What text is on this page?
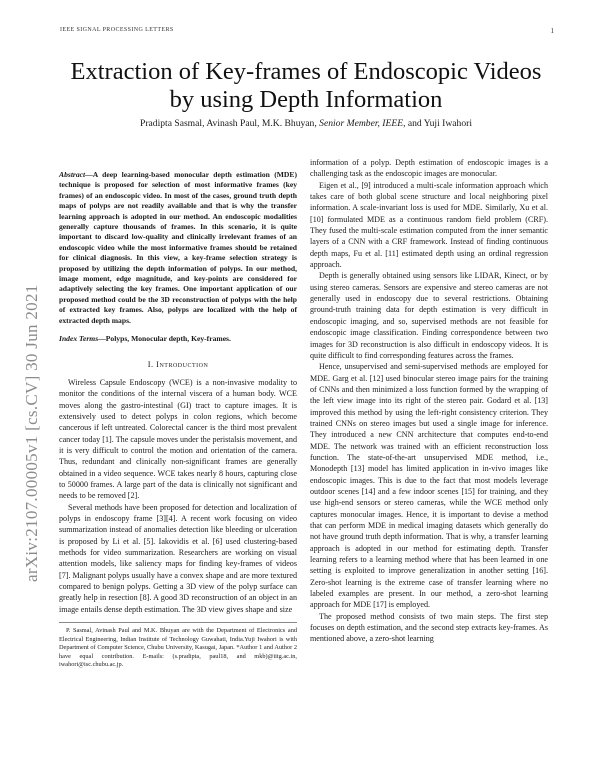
IEEE SIGNAL PROCESSING LETTERS	1
arXiv:2107.00005v1 [cs.CV] 30 Jun 2021
Extraction of Key-frames of Endoscopic Videos by using Depth Information
Pradipta Sasmal, Avinash Paul, M.K. Bhuyan, Senior Member, IEEE, and Yuji Iwahori
Abstract—A deep learning-based monocular depth estimation (MDE) technique is proposed for selection of most informative frames (key frames) of an endoscopic video. In most of the cases, ground truth depth maps of polyps are not readily available and that is why the transfer learning approach is adopted in our method. An endoscopic modalities generally capture thousands of frames. In this scenario, it is quite important to discard low-quality and clinically irrelevant frames of an endoscopic video while the most informative frames should be retained for clinical diagnosis. In this view, a key-frame selection strategy is proposed by utilizing the depth information of polyps. In our method, image moment, edge magnitude, and key-points are considered for adaptively selecting the key frames. One important application of our proposed method could be the 3D reconstruction of polyps with the help of extracted key frames. Also, polyps are localized with the help of extracted depth maps.
Index Terms—Polyps, Monocular depth, Key-frames.
I. Introduction

Wireless Capsule Endoscopy (WCE) is a non-invasive modality to monitor the conditions of the internal viscera of a human body. WCE moves along the gastro-intestinal (GI) tract to capture images. It is extensively used to detect polyps in colon regions, which become cancerous if left untreated. Colorectal cancer is the third most prevalent cancer today [1]. The capsule moves under the peristalsis movement, and it is very difficult to control the motion and orientation of the camera. Thus, redundant and clinically non-significant frames are generally obtained in a video sequence. WCE takes nearly 8 hours, capturing close to 50000 frames. A large part of the data is clinically not significant and needs to be removed [2].

Several methods have been proposed for detection and localization of polyps in endoscopy frame [3][4]. A recent work focusing on video summarization instead of anomalies detection like bleeding or ulceration is proposed by Li et al. [5]. Iakovidis et al. [6] used clustering-based methods for video summarization. Researchers are working on visual attention models, like saliency maps for finding key-frames of videos [7]. Malignant polyps usually have a convex shape and are more textured compared to benign polyps. Getting a 3D view of the polyp surface can greatly help in resection [8]. A good 3D reconstruction of an object in an image entails dense depth estimation. The 3D view gives shape and size

P. Sasmal, Avinash Paul and M.K. Bhuyan are with the Department of Electronics and Electrical Engineering, Indian Institute of Technology Guwahati, India.Yuji Iwahori is with Department of Computer Science, Chubu University, Kasugai, Japan. *Author 1 and Author 2 have equal contribution. E-mails: (s.pradipta, paul18, and mkb)@iitg.ac.in, iwahori@isc.chubu.ac.jp.

information of a polyp. Depth estimation of endoscopic images is a challenging task as the endoscopic images are monocular.

Eigen et al., [9] introduced a multi-scale information approach which takes care of both global scene structure and local neighboring pixel information. A scale-invariant loss is used for MDE. Similarly, Xu et al. [10] formulated MDE as a continuous random field problem (CRF). They fused the multi-scale estimation computed from the inner semantic layers of a CNN with a CRF framework. Instead of finding continuous depth maps, Fu et al. [11] estimated depth using an ordinal regression approach.

Depth is generally obtained using sensors like LIDAR, Kinect, or by using stereo cameras. Sensors are expensive and stereo cameras are not generally used in endoscopy due to several restrictions. Obtaining ground-truth training data for depth estimation is very difficult in endoscopic imaging, and so, supervised methods are not feasible for endoscopic image classification. Finding correspondence between two images for 3D reconstruction is also difficult in endoscopy videos. It is quite difficult to find corresponding features across the frames.

Hence, unsupervised and semi-supervised methods are employed for MDE. Garg et al. [12] used binocular stereo image pairs for the training of CNNs and then minimized a loss function formed by the wrapping of the left view image into its right of the stereo pair. Godard et al. [13] improved this method by using the left-right consistency criterion. They trained CNNs on stereo images but used a single image for inference. They introduced a new CNN architecture that computes end-to-end MDE. The network was trained with an efficient reconstruction loss function. The state-of-the-art unsupervised MDE method, i.e., Monodepth [13] model has limited application in in-vivo images like endoscopic images. This is due to the fact that most models leverage outdoor scenes [14] and a few indoor scenes [15] for training, and they use high-end sensors or stereo cameras, while the WCE method only captures monocular images. Hence, it is important to devise a method that can perform MDE in medical imaging datasets which generally do not have ground truth depth information. That is why, a transfer learning approach is adopted in our method for estimating depth. Transfer learning refers to a learning method where that has been learned in one setting is exploited to improve generalization in another setting [16]. Zero-shot learning is the extreme case of transfer learning where no labeled examples are present. In our method, a zero-shot learning approach for MDE [17] is employed.

The proposed method consists of two main steps. The first step focuses on depth estimation, and the second step extracts key-frames. As mentioned above, a zero-shot learning
